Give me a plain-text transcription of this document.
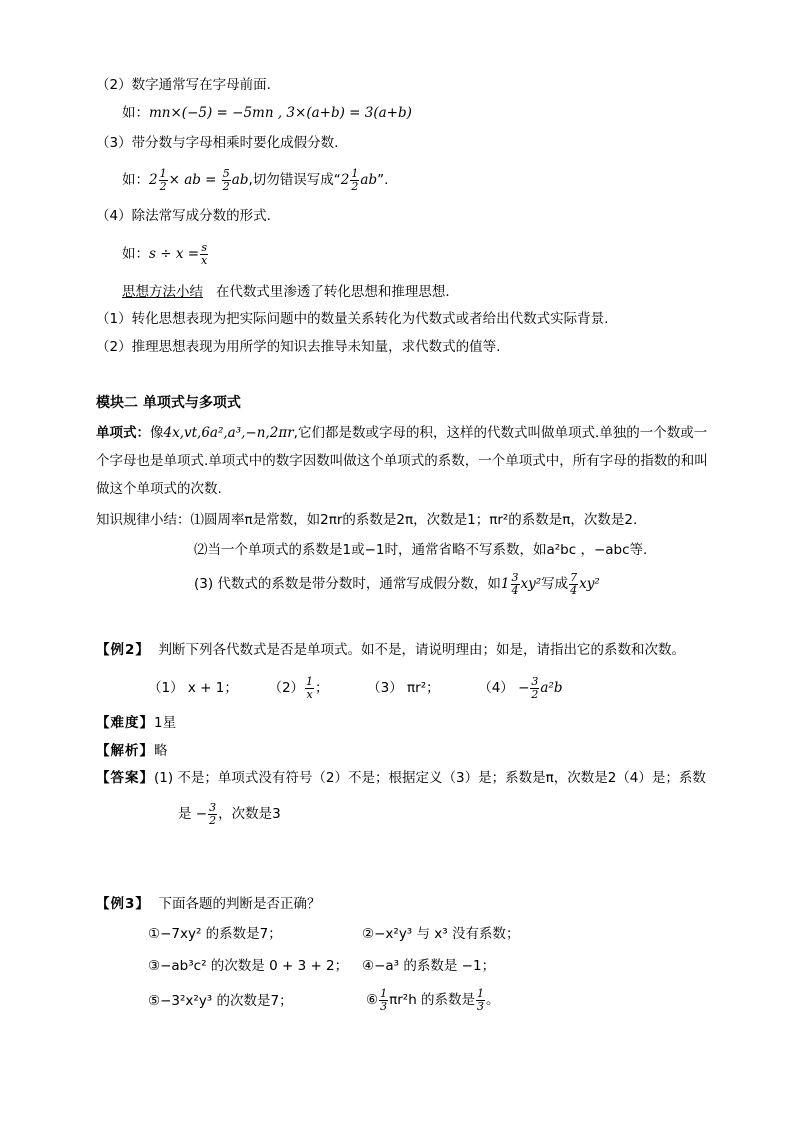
（2）数字通常写在字母前面.
如：mn×(−5) = −5mn , 3×(a+b) = 3(a+b)
（3）带分数与字母相乘时要化成假分数.
如：$2 \frac{1}{2}$ × ab = $\frac{5}{2}$ ab,切勿错误写成“$2 \frac{1}{2}$ ab”.
（4）除法常写成分数的形式.
如：$s \div x = \frac{s}{x}$
思想方法小结 在代数式里渗透了转化思想和推理思想.
（1）转化思想表现为把实际问题中的数量关系转化为代数式或者给出代数式实际背景.
（2）推理思想表现为用所学的知识去推导未知量，求代数式的值等.
模块二 单项式与多项式
单项式：像4x,vt,6a²,a³,−n,2πr,它们都是数或字母的积，这样的代数式叫做单项式.单独的一个数或一
个字母也是单项式.单项式中的数字因数叫做这个单项式的系数，一个单项式中，所有字母的指数的和叫
做这个单项式的次数.
知识规律小结：⑴圆周率π是常数，如2πr的系数是2π，次数是1；πr²的系数是π，次数是2.
⑵当一个单项式的系数是1或−1时，通常省略不写系数，如a²bc ，−abc等.
(3) 代数式的系数是带分数时，通常写成假分数，如$1 \frac{3}{4} xy^2$写成 $\frac{7}{4} xy^2$
【例2】 判断下列各代数式是否是单项式。如不是，请说明理由；如是，请指出它的系数和次数。
（1） x + 1； $(2) \frac{1}{x}$ ；	（3） πr²；	$(4) - \frac{3}{2} a^2b$
【难度】1星
【解析】略
【答案】(1) 不是；单项式没有符号（2）不是；根据定义（3）是；系数是π，次数是2（4）是；系数
是 − $\frac{3}{2}$ ，次数是3
【例3】 下面各题的判断是否正确？
①−7xy² 的系数是7；	②−x²y³ 与 x³ 没有系数；
③−ab³c² 的次数是 0 + 3 + 2； ④−a³ 的系数是 −1；
⑤−3²x²y³ 的次数是7；	⑥ $\frac{1}{3} \pi r^2h$ 的系数是 $\frac{1}{3}$ 。
